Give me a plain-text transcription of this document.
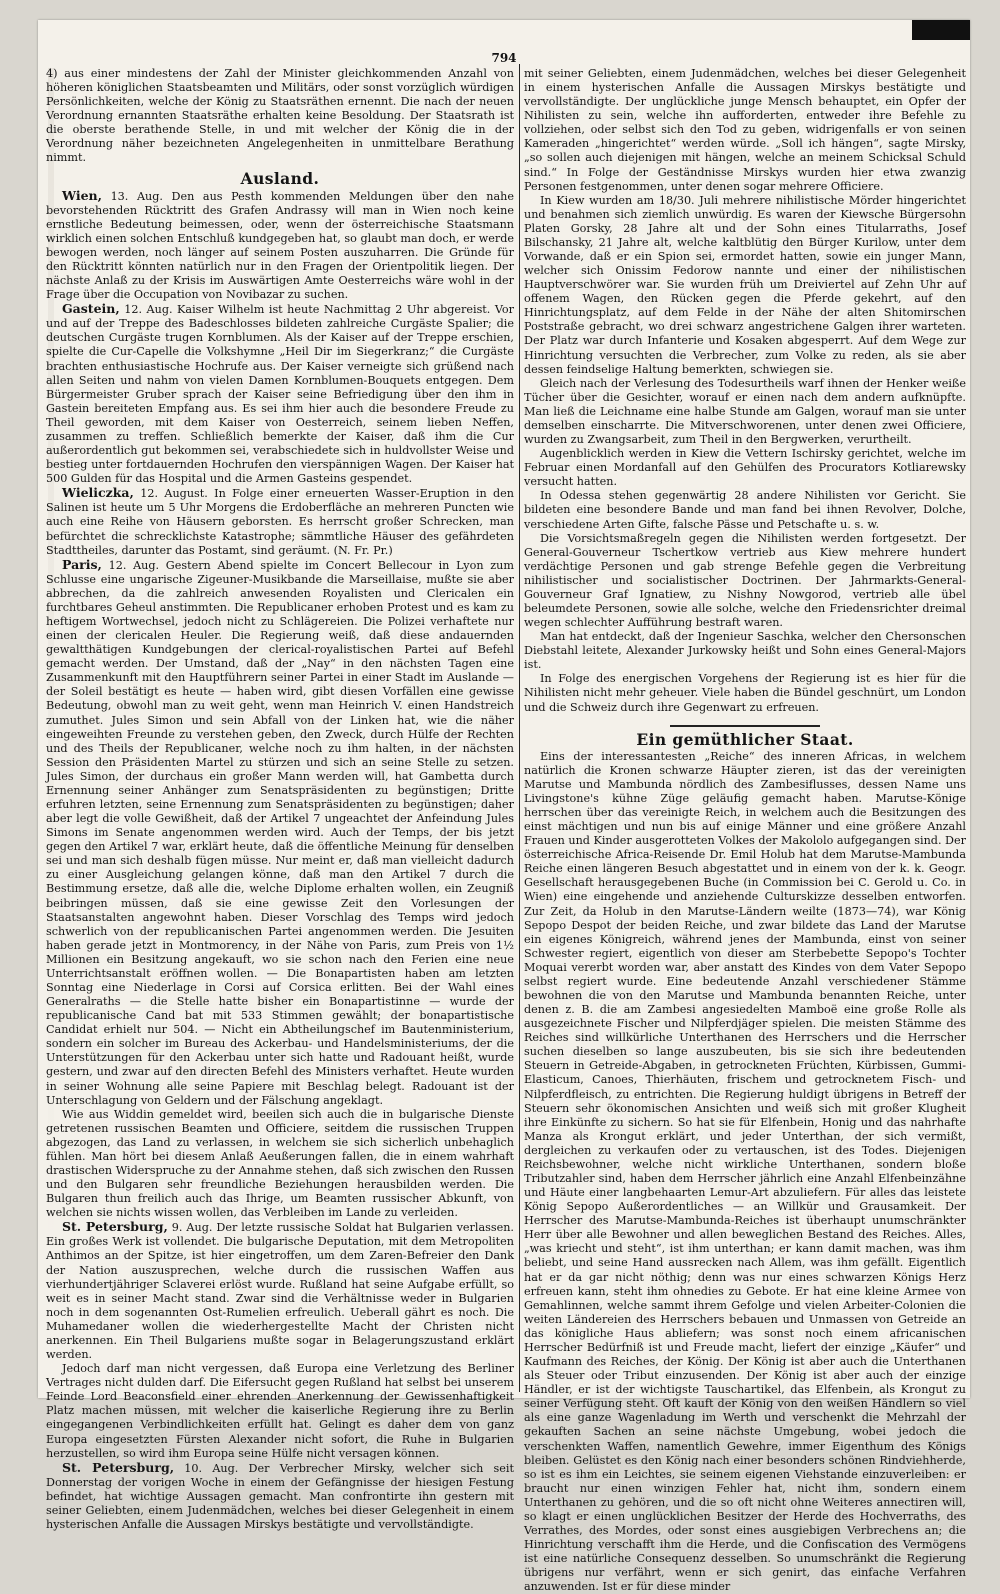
794

4) aus einer mindestens der Zahl der Minister gleichkommenden Anzahl von höheren königlichen Staatsbeamten und Militärs, oder sonst vorzüglich würdigen Persönlichkeiten, welche der König zu Staatsräthen ernennt. Die nach der neuen Verordnung ernannten Staatsräthe erhalten keine Besoldung. Der Staatsrath ist die oberste berathende Stelle, in und mit welcher der König die in der Verordnung näher bezeichneten Angelegenheiten in unmittelbare Berathung nimmt.

Ausland.

Wien, 13. Aug. Den aus Pesth kommenden Meldungen über den nahe bevorstehenden Rücktritt des Grafen Andrassy will man in Wien noch keine ernstliche Bedeutung beimessen, oder, wenn der österreichische Staatsmann wirklich einen solchen Entschluß kundgegeben hat, so glaubt man doch, er werde bewogen werden, noch länger auf seinem Posten auszuharren. Die Gründe für den Rücktritt könnten natürlich nur in den Fragen der Orientpolitik liegen. Der nächste Anlaß zu der Krisis im Auswärtigen Amte Oesterreichs wäre wohl in der Frage über die Occupation von Novibazar zu suchen.

Gastein, 12. Aug. Kaiser Wilhelm ist heute Nachmittag 2 Uhr abgereist. Vor und auf der Treppe des Badeschlosses bildeten zahlreiche Curgäste Spalier; die deutschen Curgäste trugen Kornblumen. Als der Kaiser auf der Treppe erschien, spielte die Cur-Capelle die Volkshymne „Heil Dir im Siegerkranz;“ die Curgäste brachten enthusiastische Hochrufe aus. Der Kaiser verneigte sich grüßend nach allen Seiten und nahm von vielen Damen Kornblumen-Bouquets entgegen. Dem Bürgermeister Gruber sprach der Kaiser seine Befriedigung über den ihm in Gastein bereiteten Empfang aus. Es sei ihm hier auch die besondere Freude zu Theil geworden, mit dem Kaiser von Oesterreich, seinem lieben Neffen, zusammen zu treffen. Schließlich bemerkte der Kaiser, daß ihm die Cur außerordentlich gut bekommen sei, verabschiedete sich in huldvollster Weise und bestieg unter fortdauernden Hochrufen den vierspännigen Wagen. Der Kaiser hat 500 Gulden für das Hospital und die Armen Gasteins gespendet.

Wieliczka, 12. August. In Folge einer erneuerten Wasser-Eruption in den Salinen ist heute um 5 Uhr Morgens die Erdoberfläche an mehreren Puncten wie auch eine Reihe von Häusern geborsten. Es herrscht großer Schrecken, man befürchtet die schrecklichste Katastrophe; sämmtliche Häuser des gefährdeten Stadttheiles, darunter das Postamt, sind geräumt. (N. Fr. Pr.)

Paris, 12. Aug. Gestern Abend spielte im Concert Bellecour in Lyon zum Schlusse eine ungarische Zigeuner-Musikbande die Marseillaise, mußte sie aber abbrechen, da die zahlreich anwesenden Royalisten und Clericalen ein furchtbares Geheul anstimmten. Die Republicaner erhoben Protest und es kam zu heftigem Wortwechsel, jedoch nicht zu Schlägereien. Die Polizei verhaftete nur einen der clericalen Heuler. Die Regierung weiß, daß diese andauernden gewaltthätigen Kundgebungen der clerical-royalistischen Partei auf Befehl gemacht werden. Der Umstand, daß der „Nay“ in den nächsten Tagen eine Zusammenkunft mit den Hauptführern seiner Partei in einer Stadt im Auslande — der Soleil bestätigt es heute — haben wird, gibt diesen Vorfällen eine gewisse Bedeutung, obwohl man zu weit geht, wenn man Heinrich V. einen Handstreich zumuthet. Jules Simon und sein Abfall von der Linken hat, wie die näher eingeweihten Freunde zu verstehen geben, den Zweck, durch Hülfe der Rechten und des Theils der Republicaner, welche noch zu ihm halten, in der nächsten Session den Präsidenten Martel zu stürzen und sich an seine Stelle zu setzen. Jules Simon, der durchaus ein großer Mann werden will, hat Gambetta durch Ernennung seiner Anhänger zum Senatspräsidenten zu begünstigen; Dritte erfuhren letzten, seine Ernennung zum Senatspräsidenten zu begünstigen; daher aber legt die volle Gewißheit, daß der Artikel 7 ungeachtet der Anfeindung Jules Simons im Senate angenommen werden wird. Auch der Temps, der bis jetzt gegen den Artikel 7 war, erklärt heute, daß die öffentliche Meinung für denselben sei und man sich deshalb fügen müsse. Nur meint er, daß man vielleicht dadurch zu einer Ausgleichung gelangen könne, daß man den Artikel 7 durch die Bestimmung ersetze, daß alle die, welche Diplome erhalten wollen, ein Zeugniß beibringen müssen, daß sie eine gewisse Zeit den Vorlesungen der Staatsanstalten angewohnt haben. Dieser Vorschlag des Temps wird jedoch schwerlich von der republicanischen Partei angenommen werden. Die Jesuiten haben gerade jetzt in Montmorency, in der Nähe von Paris, zum Preis von 1½ Millionen ein Besitzung angekauft, wo sie schon nach den Ferien eine neue Unterrichtsanstalt eröffnen wollen. — Die Bonapartisten haben am letzten Sonntag eine Niederlage in Corsi auf Corsica erlitten. Bei der Wahl eines Generalraths — die Stelle hatte bisher ein Bonapartistinne — wurde der republicanische Cand bat mit 533 Stimmen gewählt; der bonapartistische Candidat erhielt nur 504. — Nicht ein Abtheilungschef im Bautenministerium, sondern ein solcher im Bureau des Ackerbau- und Handelsministeriums, der die Unterstützungen für den Ackerbau unter sich hatte und Radouant heißt, wurde gestern, und zwar auf den directen Befehl des Ministers verhaftet. Heute wurden in seiner Wohnung alle seine Papiere mit Beschlag belegt. Radouant ist der Unterschlagung von Geldern und der Fälschung angeklagt.

Wie aus Widdin gemeldet wird, beeilen sich auch die in bulgarische Dienste getretenen russischen Beamten und Officiere, seitdem die russischen Truppen abgezogen, das Land zu verlassen, in welchem sie sich sicherlich unbehaglich fühlen. Man hört bei diesem Anlaß Aeußerungen fallen, die in einem wahrhaft drastischen Widerspruche zu der Annahme stehen, daß sich zwischen den Russen und den Bulgaren sehr freundliche Beziehungen herausbilden werden. Die Bulgaren thun freilich auch das Ihrige, um Beamten russischer Abkunft, von welchen sie nichts wissen wollen, das Verbleiben im Lande zu verleiden.

St. Petersburg, 9. Aug. Der letzte russische Soldat hat Bulgarien verlassen. Ein großes Werk ist vollendet. Die bulgarische Deputation, mit dem Metropoliten Anthimos an der Spitze, ist hier eingetroffen, um dem Zaren-Befreier den Dank der Nation auszusprechen, welche durch die russischen Waffen aus vierhundertjähriger Sclaverei erlöst wurde. Rußland hat seine Aufgabe erfüllt, so weit es in seiner Macht stand. Zwar sind die Verhältnisse weder in Bulgarien noch in dem sogenannten Ost-Rumelien erfreulich. Ueberall gährt es noch. Die Muhamedaner wollen die wiederhergestellte Macht der Christen nicht anerkennen. Ein Theil Bulgariens mußte sogar in Belagerungszustand erklärt werden.

Jedoch darf man nicht vergessen, daß Europa eine Verletzung des Berliner Vertrages nicht dulden darf. Die Eifersucht gegen Rußland hat selbst bei unserem Feinde Lord Beaconsfield einer ehrenden Anerkennung der Gewissenhaftigkeit Platz machen müssen, mit welcher die kaiserliche Regierung ihre zu Berlin eingegangenen Verbindlichkeiten erfüllt hat. Gelingt es daher dem von ganz Europa eingesetzten Fürsten Alexander nicht sofort, die Ruhe in Bulgarien herzustellen, so wird ihm Europa seine Hülfe nicht versagen können.

St. Petersburg, 10. Aug. Der Verbrecher Mirsky, welcher sich seit Donnerstag der vorigen Woche in einem der Gefängnisse der hiesigen Festung befindet, hat wichtige Aussagen gemacht. Man confrontirte ihn gestern mit seiner Geliebten, einem Judenmädchen, welches bei dieser Gelegenheit in einem hysterischen Anfalle die Aussagen Mirskys bestätigte und vervollständigte.

mit seiner Geliebten, einem Judenmädchen, welches bei dieser Gelegenheit in einem hysterischen Anfalle die Aussagen Mirskys bestätigte und vervollständigte. Der unglückliche junge Mensch behauptet, ein Opfer der Nihilisten zu sein, welche ihn aufforderten, entweder ihre Befehle zu vollziehen, oder selbst sich den Tod zu geben, widrigenfalls er von seinen Kameraden „hingerichtet“ werden würde. „Soll ich hängen“, sagte Mirsky, „so sollen auch diejenigen mit hängen, welche an meinem Schicksal Schuld sind.“ In Folge der Geständnisse Mirskys wurden hier etwa zwanzig Personen festgenommen, unter denen sogar mehrere Officiere.

In Kiew wurden am 18/30. Juli mehrere nihilistische Mörder hingerichtet und benahmen sich ziemlich unwürdig. Es waren der Kiewsche Bürgersohn Platen Gorsky, 28 Jahre alt und der Sohn eines Titularraths, Josef Bilschansky, 21 Jahre alt, welche kaltblütig den Bürger Kurilow, unter dem Vorwande, daß er ein Spion sei, ermordet hatten, sowie ein junger Mann, welcher sich Onissim Fedorow nannte und einer der nihilistischen Hauptverschwörer war. Sie wurden früh um Dreiviertel auf Zehn Uhr auf offenem Wagen, den Rücken gegen die Pferde gekehrt, auf den Hinrichtungsplatz, auf dem Felde in der Nähe der alten Shitomirschen Poststraße gebracht, wo drei schwarz angestrichene Galgen ihrer warteten. Der Platz war durch Infanterie und Kosaken abgesperrt. Auf dem Wege zur Hinrichtung versuchten die Verbrecher, zum Volke zu reden, als sie aber dessen feindselige Haltung bemerkten, schwiegen sie.

Gleich nach der Verlesung des Todesurtheils warf ihnen der Henker weiße Tücher über die Gesichter, worauf er einen nach dem andern aufknüpfte. Man ließ die Leichname eine halbe Stunde am Galgen, worauf man sie unter demselben einscharrte. Die Mitverschworenen, unter denen zwei Officiere, wurden zu Zwangsarbeit, zum Theil in den Bergwerken, verurtheilt.

Augenblicklich werden in Kiew die Vettern Ischirsky gerichtet, welche im Februar einen Mordanfall auf den Gehülfen des Procurators Kotliarewsky versucht hatten.

In Odessa stehen gegenwärtig 28 andere Nihilisten vor Gericht. Sie bildeten eine besondere Bande und man fand bei ihnen Revolver, Dolche, verschiedene Arten Gifte, falsche Pässe und Petschafte u. s. w.

Die Vorsichtsmaßregeln gegen die Nihilisten werden fortgesetzt. Der General-Gouverneur Tschertkow vertrieb aus Kiew mehrere hundert verdächtige Personen und gab strenge Befehle gegen die Verbreitung nihilistischer und socialistischer Doctrinen. Der Jahrmarkts-General-Gouverneur Graf Ignatiew, zu Nishny Nowgorod, vertrieb alle übel beleumdete Personen, sowie alle solche, welche den Friedensrichter dreimal wegen schlechter Aufführung bestraft waren.

Man hat entdeckt, daß der Ingenieur Saschka, welcher den Chersonschen Diebstahl leitete, Alexander Jurkowsky heißt und Sohn eines General-Majors ist.

In Folge des energischen Vorgehens der Regierung ist es hier für die Nihilisten nicht mehr geheuer. Viele haben die Bündel geschnürt, um London und die Schweiz durch ihre Gegenwart zu erfreuen.

Ein gemüthlicher Staat.

Eins der interessantesten „Reiche“ des inneren Africas, in welchem natürlich die Kronen schwarze Häupter zieren, ist das der vereinigten Marutse und Mambunda nördlich des Zambesiflusses, dessen Name uns Livingstone's kühne Züge geläufig gemacht haben. Marutse-Könige herrschen über das vereinigte Reich, in welchem auch die Besitzungen des einst mächtigen und nun bis auf einige Männer und eine größere Anzahl Frauen und Kinder ausgerotteten Volkes der Makololo aufgegangen sind. Der österreichische Africa-Reisende Dr. Emil Holub hat dem Marutse-Mambunda Reiche einen längeren Besuch abgestattet und in einem von der k. k. Geogr. Gesellschaft herausgegebenen Buche (in Commission bei C. Gerold u. Co. in Wien) eine eingehende und anziehende Culturskizze desselben entworfen. Zur Zeit, da Holub in den Marutse-Ländern weilte (1873—74), war König Sepopo Despot der beiden Reiche, und zwar bildete das Land der Marutse ein eigenes Königreich, während jenes der Mambunda, einst von seiner Schwester regiert, eigentlich von dieser am Sterbebette Sepopo's Tochter Moquai vererbt worden war, aber anstatt des Kindes von dem Vater Sepopo selbst regiert wurde. Eine bedeutende Anzahl verschiedener Stämme bewohnen die von den Marutse und Mambunda benannten Reiche, unter denen z. B. die am Zambesi angesiedelten Mamboë eine große Rolle als ausgezeichnete Fischer und Nilpferdjäger spielen. Die meisten Stämme des Reiches sind willkürliche Unterthanen des Herrschers und die Herrscher suchen dieselben so lange auszubeuten, bis sie sich ihre bedeutenden Steuern in Getreide-Abgaben, in getrockneten Früchten, Kürbissen, Gummi-Elasticum, Canoes, Thierhäuten, frischem und getrocknetem Fisch- und Nilpferdfleisch, zu entrichten. Die Regierung huldigt übrigens in Betreff der Steuern sehr ökonomischen Ansichten und weiß sich mit großer Klugheit ihre Einkünfte zu sichern. So hat sie für Elfenbein, Honig und das nahrhafte Manza als Krongut erklärt, und jeder Unterthan, der sich vermißt, dergleichen zu verkaufen oder zu vertauschen, ist des Todes. Diejenigen Reichsbewohner, welche nicht wirkliche Unterthanen, sondern bloße Tributzahler sind, haben dem Herrscher jährlich eine Anzahl Elfenbeinzähne und Häute einer langbehaarten Lemur-Art abzuliefern. Für alles das leistete König Sepopo Außerordentliches — an Willkür und Grausamkeit. Der Herrscher des Marutse-Mambunda-Reiches ist überhaupt unumschränkter Herr über alle Bewohner und allen beweglichen Bestand des Reiches. Alles, „was kriecht und steht“, ist ihm unterthan; er kann damit machen, was ihm beliebt, und seine Hand aussrecken nach Allem, was ihm gefällt. Eigentlich hat er da gar nicht nöthig; denn was nur eines schwarzen Königs Herz erfreuen kann, steht ihm ohnedies zu Gebote. Er hat eine kleine Armee von Gemahlinnen, welche sammt ihrem Gefolge und vielen Arbeiter-Colonien die weiten Ländereien des Herrschers bebauen und Unmassen von Getreide an das königliche Haus abliefern; was sonst noch einem africanischen Herrscher Bedürfniß ist und Freude macht, liefert der einzige „Käufer“ und Kaufmann des Reiches, der König. Der König ist aber auch die Unterthanen als Steuer oder Tribut einzusenden. Der König ist aber auch der einzige Händler, er ist der wichtigste Tauschartikel, das Elfenbein, als Krongut zu seiner Verfügung steht. Oft kauft der König von den weißen Händlern so viel als eine ganze Wagenladung im Werth und verschenkt die Mehrzahl der gekauften Sachen an seine nächste Umgebung, wobei jedoch die verschenkten Waffen, namentlich Gewehre, immer Eigenthum des Königs bleiben. Gelüstet es den König nach einer besonders schönen Rindviehherde, so ist es ihm ein Leichtes, sie seinem eigenen Viehstande einzuverleiben: er braucht nur einen winzigen Fehler hat, nicht ihm, sondern einem Unterthanen zu gehören, und die so oft nicht ohne Weiteres annectiren will, so klagt er einen unglücklichen Besitzer der Herde des Hochverraths, des Verrathes, des Mordes, oder sonst eines ausgiebigen Verbrechens an; die Hinrichtung verschafft ihm die Herde, und die Confiscation des Vermögens ist eine natürliche Consequenz desselben. So unumschränkt die Regierung übrigens nur verfährt, wenn er sich genirt, das einfache Verfahren anzuwenden. Ist er für diese minder
